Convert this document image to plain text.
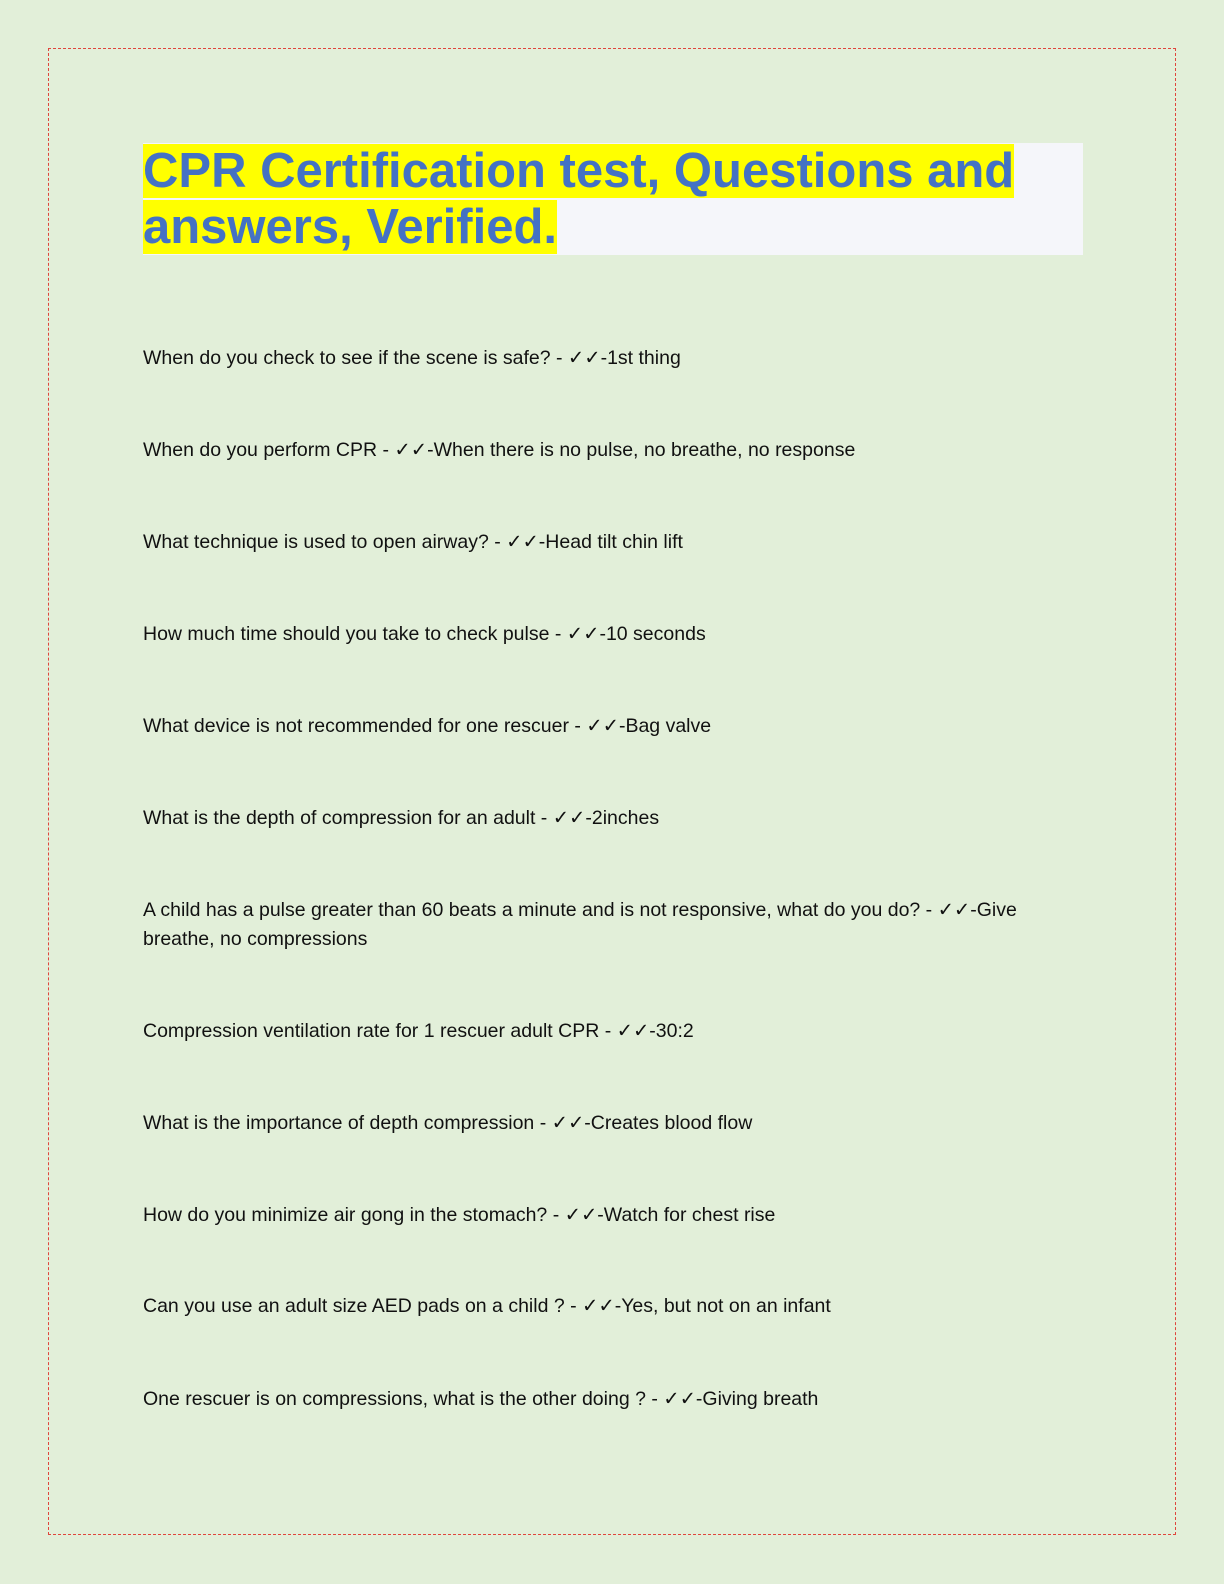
CPR Certification test, Questions and
answers, Verified.
When do you check to see if the scene is safe? - ✓✓-1st thing
When do you perform CPR - ✓✓-When there is no pulse, no breathe, no response
What technique is used to open airway? - ✓✓-Head tilt chin lift
How much time should you take to check pulse - ✓✓-10 seconds
What device is not recommended for one rescuer - ✓✓-Bag valve
What is the depth of compression for an adult - ✓✓-2inches
A child has a pulse greater than 60 beats a minute and is not responsive, what do you do? - ✓✓-Give breathe, no compressions
Compression ventilation rate for 1 rescuer adult CPR - ✓✓-30:2
What is the importance of depth compression - ✓✓-Creates blood flow
How do you minimize air gong in the stomach? - ✓✓-Watch for chest rise
Can you use an adult size AED pads on a child ? - ✓✓-Yes, but not on an infant
One rescuer is on compressions, what is the other doing ? - ✓✓-Giving breath
